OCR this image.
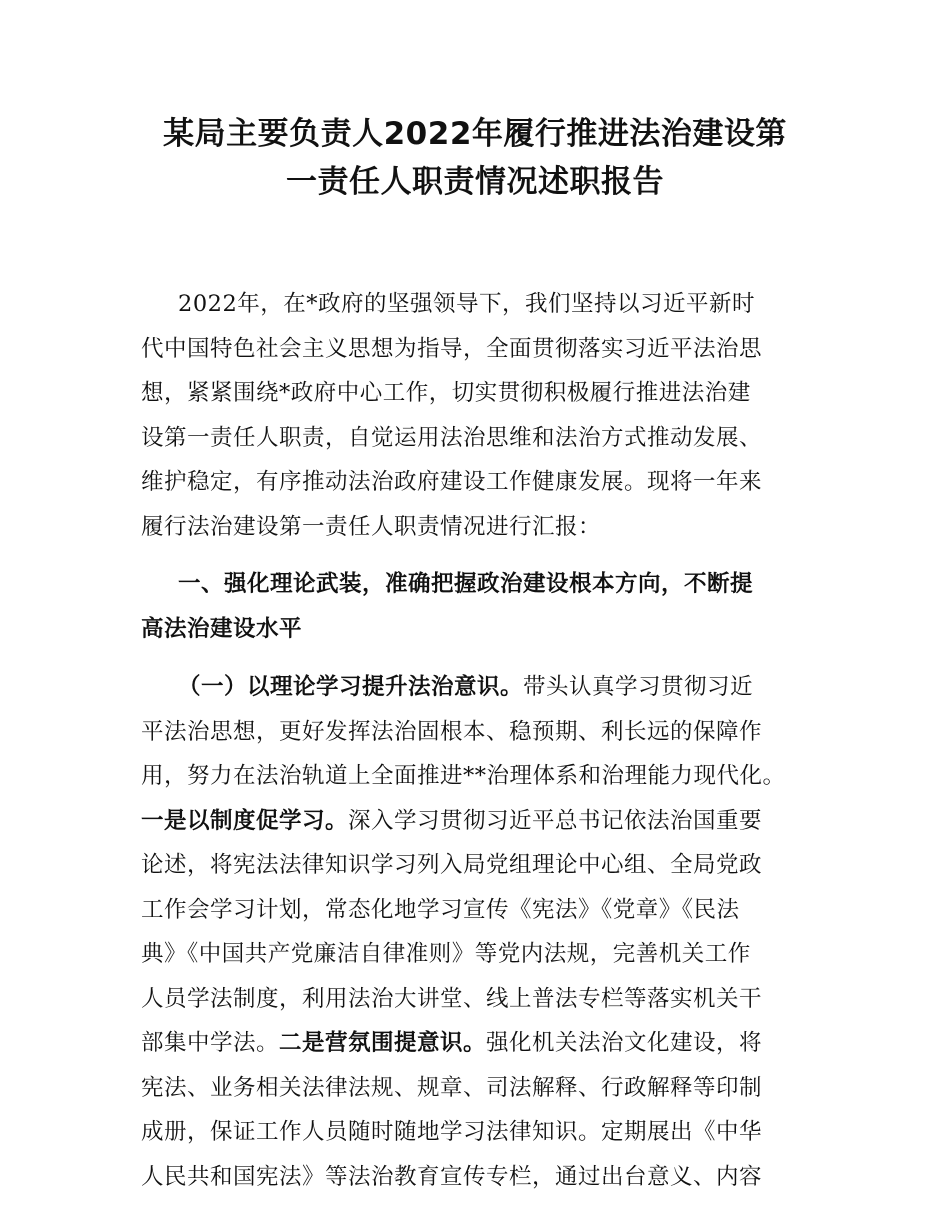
某局主要负责人2022年履行推进法治建设第
一责任人职责情况述职报告
2022年，在*政府的坚强领导下，我们坚持以习近平新时
代中国特色社会主义思想为指导，全面贯彻落实习近平法治思
想，紧紧围绕*政府中心工作，切实贯彻积极履行推进法治建
设第一责任人职责，自觉运用法治思维和法治方式推动发展、
维护稳定，有序推动法治政府建设工作健康发展。现将一年来
履行法治建设第一责任人职责情况进行汇报：
一、强化理论武装，准确把握政治建设根本方向，不断提
高法治建设水平
（一）以理论学习提升法治意识。带头认真学习贯彻习近
平法治思想，更好发挥法治固根本、稳预期、利长远的保障作
用，努力在法治轨道上全面推进**治理体系和治理能力现代化。
一是以制度促学习。深入学习贯彻习近平总书记依法治国重要
论述，将宪法法律知识学习列入局党组理论中心组、全局党政
工作会学习计划，常态化地学习宣传《宪法》《党章》《民法
典》《中国共产党廉洁自律准则》等党内法规，完善机关工作
人员学法制度，利用法治大讲堂、线上普法专栏等落实机关干
部集中学法。二是营氛围提意识。强化机关法治文化建设，将
宪法、业务相关法律法规、规章、司法解释、行政解释等印制
成册，保证工作人员随时随地学习法律知识。定期展出《中华
人民共和国宪法》等法治教育宣传专栏，通过出台意义、内容
